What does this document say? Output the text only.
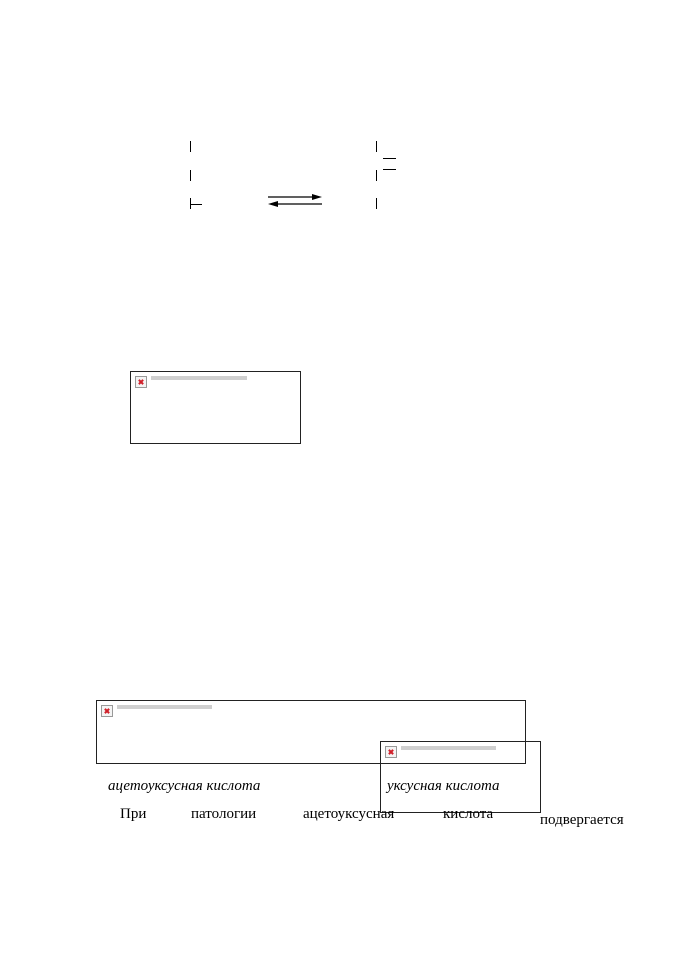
ацетоуксусная кислота	уксусная кислота
При	патологии	ацетоуксусная	кислота	подвергается
